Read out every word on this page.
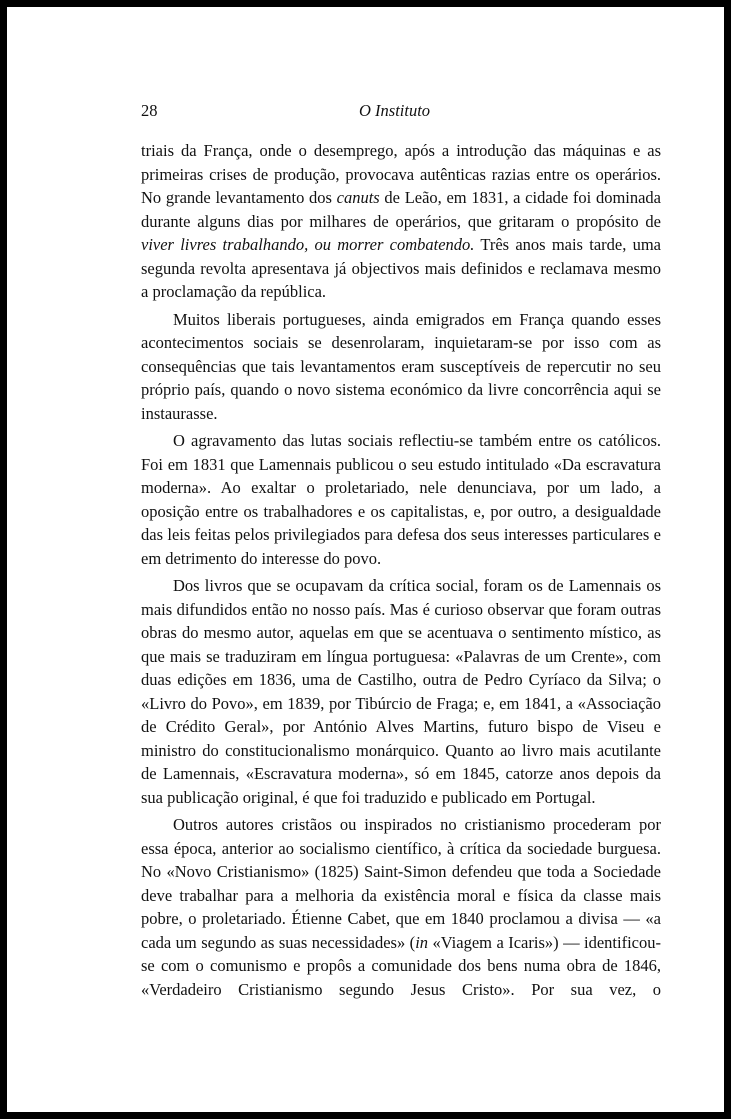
28	O Instituto

triais da França, onde o desemprego, após a introdução das máquinas e as primeiras crises de produção, provocava autênticas razias entre os operários. No grande levantamento dos canuts de Leão, em 1831, a cidade foi dominada durante alguns dias por milhares de operários, que gritaram o propósito de viver livres trabalhando, ou morrer combatendo. Três anos mais tarde, uma segunda revolta apresentava já objectivos mais definidos e reclamava mesmo a proclamação da república.

Muitos liberais portugueses, ainda emigrados em França quando esses acontecimentos sociais se desenrolaram, inquietaram-se por isso com as consequências que tais levantamentos eram susceptíveis de repercutir no seu próprio país, quando o novo sistema económico da livre concorrência aqui se instaurasse.

O agravamento das lutas sociais reflectiu-se também entre os católicos. Foi em 1831 que Lamennais publicou o seu estudo intitulado «Da escravatura moderna». Ao exaltar o proletariado, nele denunciava, por um lado, a oposição entre os trabalhadores e os capitalistas, e, por outro, a desigualdade das leis feitas pelos privilegiados para defesa dos seus interesses particulares e em detrimento do interesse do povo.

Dos livros que se ocupavam da crítica social, foram os de Lamennais os mais difundidos então no nosso país. Mas é curioso observar que foram outras obras do mesmo autor, aquelas em que se acentuava o sentimento místico, as que mais se traduziram em língua portuguesa: «Palavras de um Crente», com duas edições em 1836, uma de Castilho, outra de Pedro Cyríaco da Silva; o «Livro do Povo», em 1839, por Tibúrcio de Fraga; e, em 1841, a «Associação de Crédito Geral», por António Alves Martins, futuro bispo de Viseu e ministro do constitucionalismo monárquico. Quanto ao livro mais acutilante de Lamennais, «Escravatura moderna», só em 1845, catorze anos depois da sua publicação original, é que foi traduzido e publicado em Portugal.

Outros autores cristãos ou inspirados no cristianismo procederam por essa época, anterior ao socialismo científico, à crítica da sociedade burguesa. No «Novo Cristianismo» (1825) Saint-Simon defendeu que toda a Sociedade deve trabalhar para a melhoria da existência moral e física da classe mais pobre, o proletariado. Étienne Cabet, que em 1840 proclamou a divisa — «a cada um segundo as suas necessidades» (in «Viagem a Icaris») — identificou-se com o comunismo e propôs a comunidade dos bens numa obra de 1846, «Verdadeiro Cristianismo segundo Jesus Cristo». Por sua vez, o
